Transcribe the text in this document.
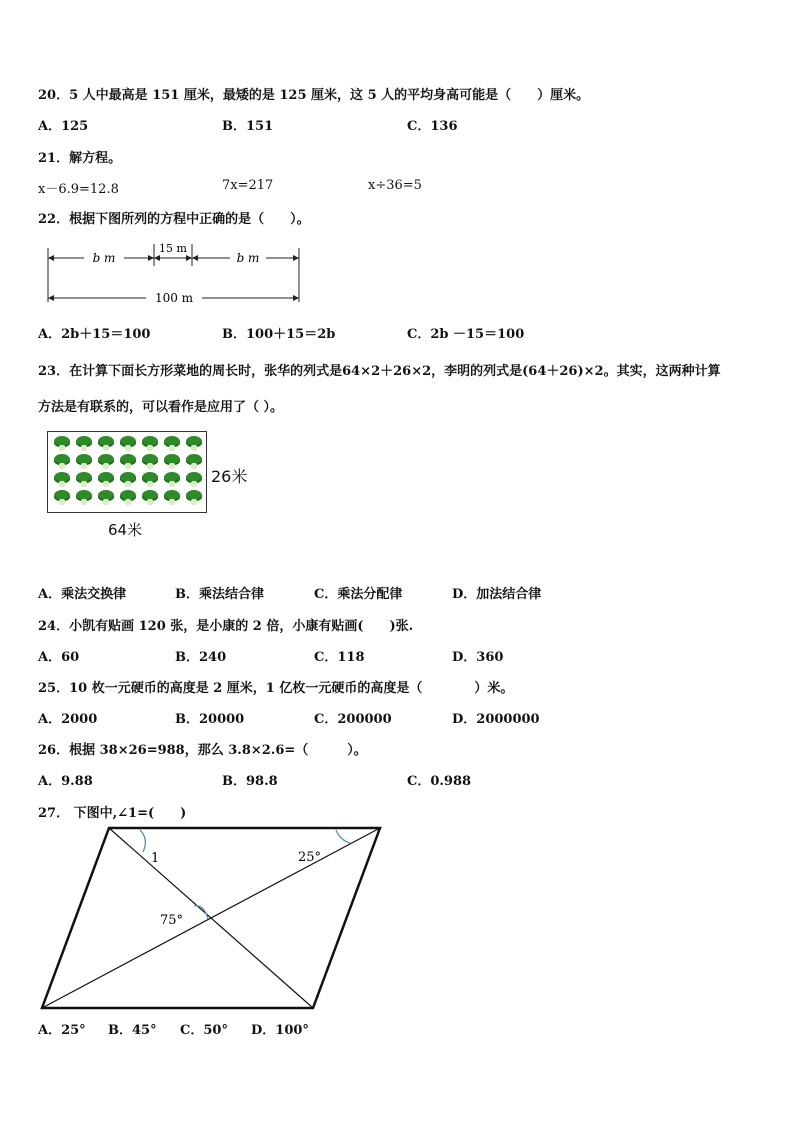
20．5 人中最高是 151 厘米，最矮的是 125 厘米，这 5 人的平均身高可能是（　　）厘米。
A．125	B．151	C．136
21．解方程。
x－6.9=12.8	7x=217	x÷36=5
22．根据下图所列的方程中正确的是（　　）。
b m
15 m
b m
100 m
A．2b＋15＝100	B．100＋15＝2b	C．2b －15＝100
23．在计算下面长方形菜地的周长时，张华的列式是64×2＋26×2，李明的列式是(64＋26)×2。其实，这两种计算
方法是有联系的，可以看作是应用了（ ）。
26米
64米
A．乘法交换律	B．乘法结合律	C．乘法分配律	D．加法结合律
24．小凯有贴画 120 张，是小康的 2 倍，小康有贴画(　　)张.
A．60	B．240	C．118	D．360
25．10 枚一元硬币的高度是 2 厘米，1 亿枚一元硬币的高度是（　　　　）米。
A．2000	B．20000	C．200000	D．2000000
26．根据 38×26=988，那么 3.8×2.6=（　　　）。
A．9.88	B．98.8	C．0.988
27． 下图中,∠1=(　　)
1	25°
75°
A．25° B．45° C．50° D．100°
